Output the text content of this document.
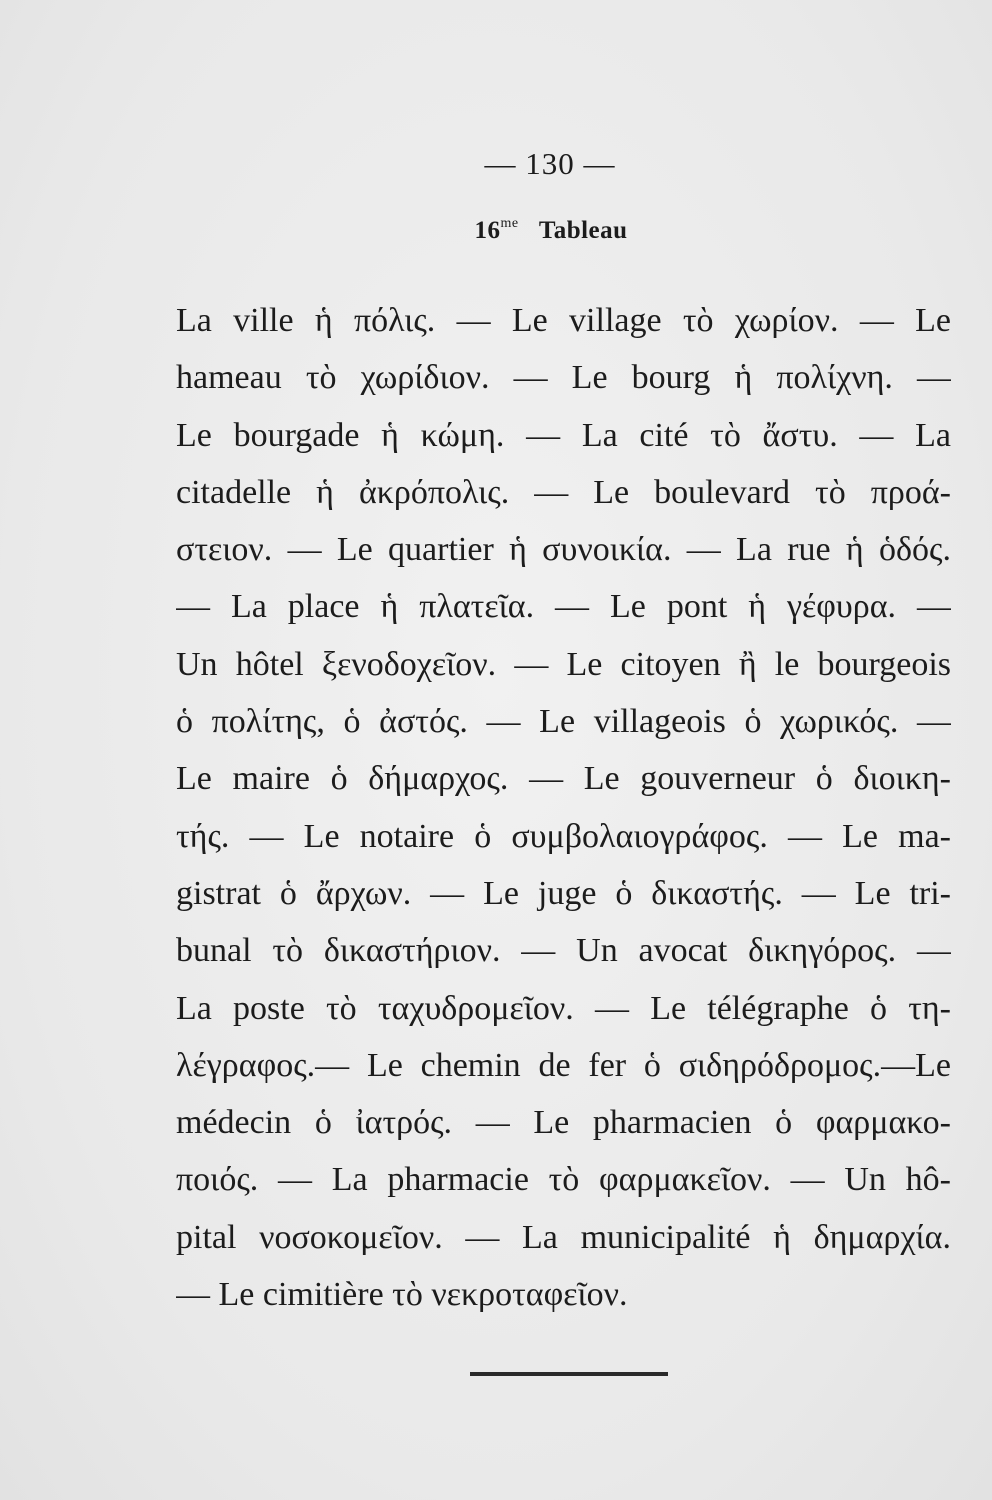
— 130 —
$16^{me}$ Tableau
La ville ἡ πόλις. — Le village τὸ χωρίον. — Le
hameau τὸ χωρίδιον. — Le bourg ἡ πολίχνη. —
Le bourgade ἡ κώμη. — La cité τὸ ἄστυ. — La
citadelle ἡ ἀκρόπολις. — Le boulevard τὸ προά-
στειον. — Le quartier ἡ συνοικία. — La rue ἡ ὁδός.
— La place ἡ πλατεῖα. — Le pont ἡ γέφυρα. —
Un hôtel ξενοδοχεῖον. — Le citoyen ἢ le bourgeois
ὁ πολίτης, ὁ ἀστός. — Le villageois ὁ χωρικός. —
Le maire ὁ δήμαρχος. — Le gouverneur ὁ διοικη-
τής. — Le notaire ὁ συμβολαιογράφος. — Le ma-
gistrat ὁ ἄρχων. — Le juge ὁ δικαστής. — Le tri-
bunal τὸ δικαστήριον. — Un avocat δικηγόρος. —
La poste τὸ ταχυδρομεῖον. — Le télégraphe ὁ τη-
λέγραφος.— Le chemin de fer ὁ σιδηρόδρομος.—Le
médecin ὁ ἰατρός. — Le pharmacien ὁ φαρμακο-
ποιός. — La pharmacie τὸ φαρμακεῖον. — Un hô-
pital νοσοκομεῖον. — La municipalité ἡ δημαρχία.
— Le cimitière τὸ νεκροταφεῖον.
